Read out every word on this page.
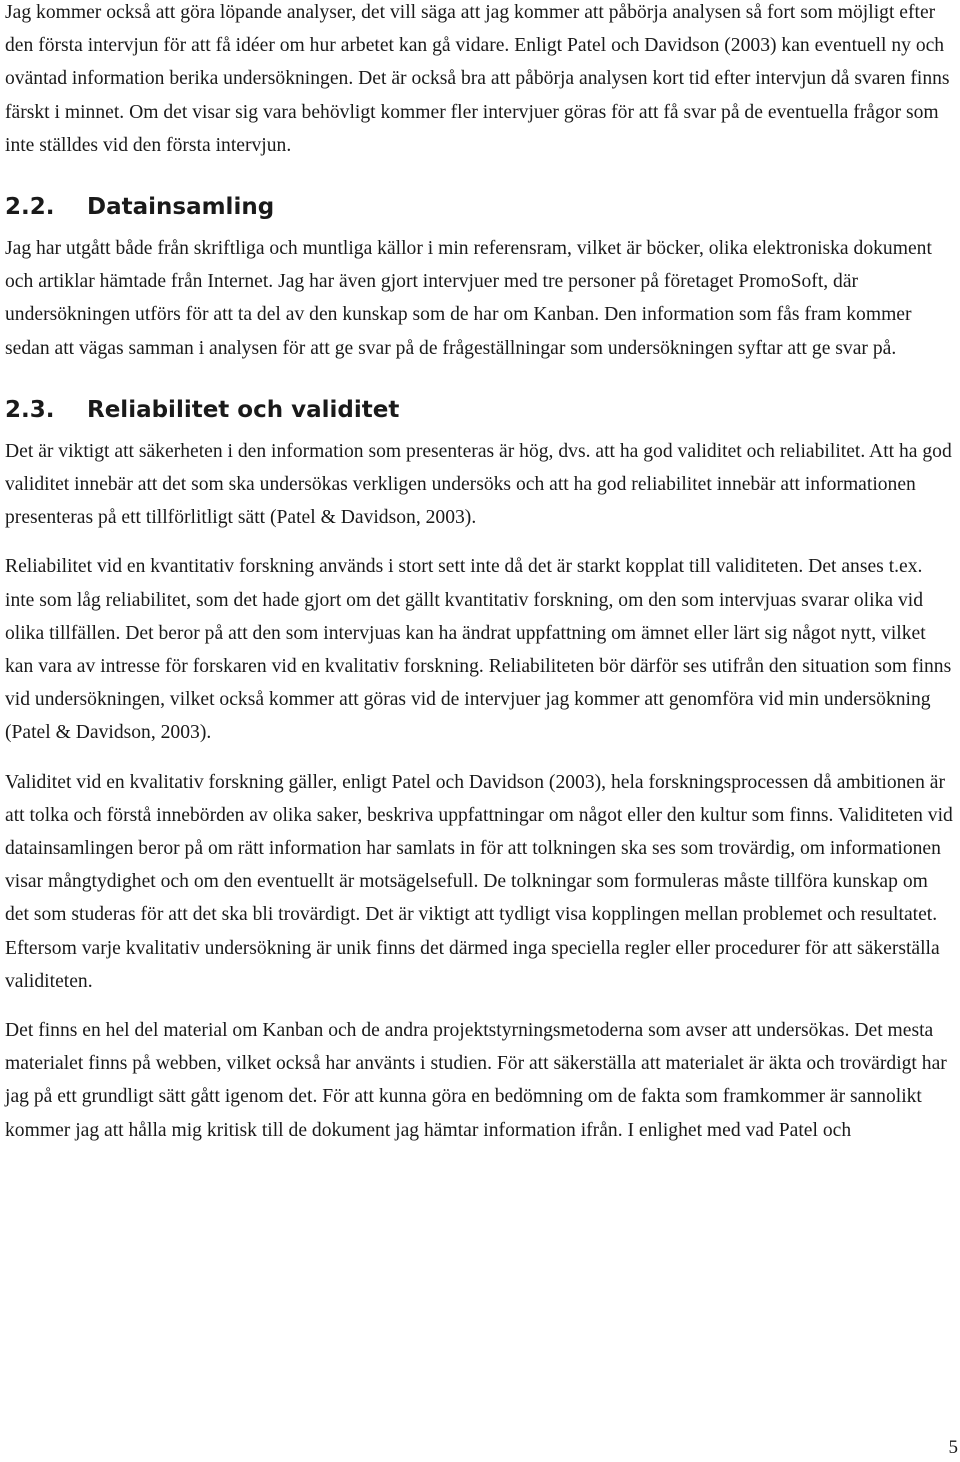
Jag kommer också att göra löpande analyser, det vill säga att jag kommer att påbörja analysen så fort som möjligt efter den första intervjun för att få idéer om hur arbetet kan gå vidare. Enligt Patel och Davidson (2003) kan eventuell ny och oväntad information berika undersökningen. Det är också bra att påbörja analysen kort tid efter intervjun då svaren finns färskt i minnet. Om det visar sig vara behövligt kommer fler intervjuer göras för att få svar på de eventuella frågor som inte ställdes vid den första intervjun.

2.2.	Datainsamling

Jag har utgått både från skriftliga och muntliga källor i min referensram, vilket är böcker, olika elektroniska dokument och artiklar hämtade från Internet. Jag har även gjort intervjuer med tre personer på företaget PromoSoft, där undersökningen utförs för att ta del av den kunskap som de har om Kanban. Den information som fås fram kommer sedan att vägas samman i analysen för att ge svar på de frågeställningar som undersökningen syftar att ge svar på.

2.3.	Reliabilitet och validitet

Det är viktigt att säkerheten i den information som presenteras är hög, dvs. att ha god validitet och reliabilitet. Att ha god validitet innebär att det som ska undersökas verkligen undersöks och att ha god reliabilitet innebär att informationen presenteras på ett tillförlitligt sätt (Patel & Davidson, 2003).

Reliabilitet vid en kvantitativ forskning används i stort sett inte då det är starkt kopplat till validiteten. Det anses t.ex. inte som låg reliabilitet, som det hade gjort om det gällt kvantitativ forskning, om den som intervjuas svarar olika vid olika tillfällen. Det beror på att den som intervjuas kan ha ändrat uppfattning om ämnet eller lärt sig något nytt, vilket kan vara av intresse för forskaren vid en kvalitativ forskning. Reliabiliteten bör därför ses utifrån den situation som finns vid undersökningen, vilket också kommer att göras vid de intervjuer jag kommer att genomföra vid min undersökning (Patel & Davidson, 2003).

Validitet vid en kvalitativ forskning gäller, enligt Patel och Davidson (2003), hela forskningsprocessen då ambitionen är att tolka och förstå innebörden av olika saker, beskriva uppfattningar om något eller den kultur som finns. Validiteten vid datainsamlingen beror på om rätt information har samlats in för att tolkningen ska ses som trovärdig, om informationen visar mångtydighet och om den eventuellt är motsägelsefull. De tolkningar som formuleras måste tillföra kunskap om det som studeras för att det ska bli trovärdigt. Det är viktigt att tydligt visa kopplingen mellan problemet och resultatet. Eftersom varje kvalitativ undersökning är unik finns det därmed inga speciella regler eller procedurer för att säkerställa validiteten.

Det finns en hel del material om Kanban och de andra projektstyrningsmetoderna som avser att undersökas. Det mesta materialet finns på webben, vilket också har använts i studien. För att säkerställa att materialet är äkta och trovärdigt har jag på ett grundligt sätt gått igenom det. För att kunna göra en bedömning om de fakta som framkommer är sannolikt kommer jag att hålla mig kritisk till de dokument jag hämtar information ifrån. I enlighet med vad Patel och

5
